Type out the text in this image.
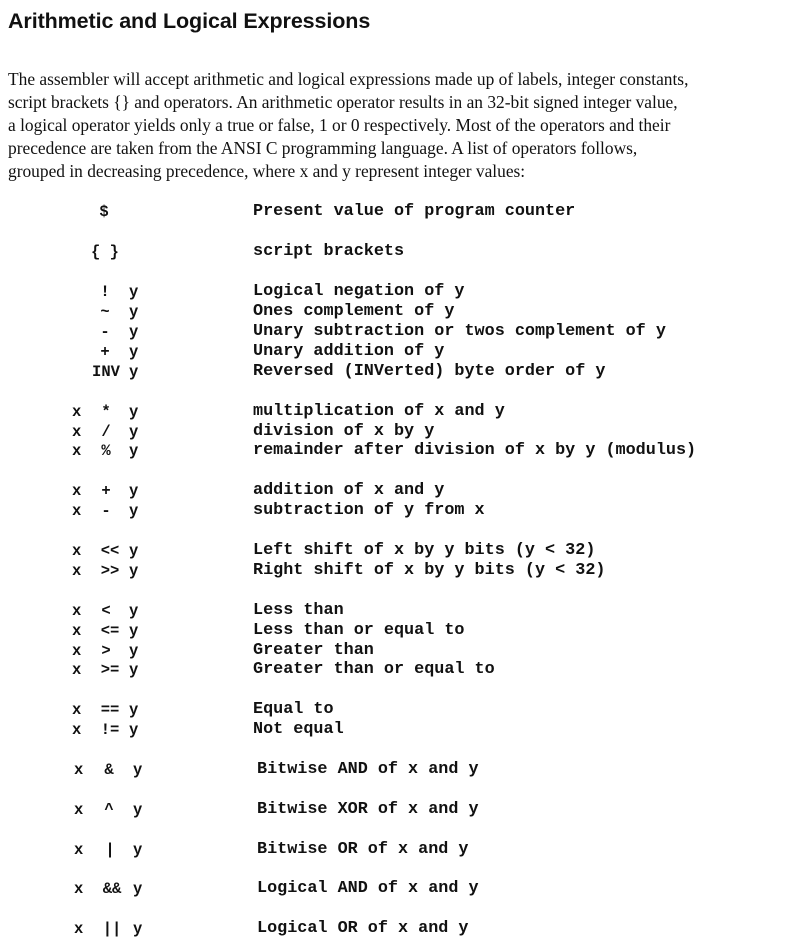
Arithmetic and Logical Expressions

The assembler will accept arithmetic and logical expressions made up of labels, integer constants,
script brackets {} and operators. An arithmetic operator results in an 32-bit signed integer value,
a logical operator yields only a true or false, 1 or 0 respectively. Most of the operators and their
precedence are taken from the ANSI C programming language. A list of operators follows,
grouped in decreasing precedence, where x and y represent integer values:

$	Present value of program counter
{ }	script brackets
! y	Logical negation of y
~ y	Ones complement of y
- y	Unary subtraction or twos complement of y
+ y	Unary addition of y
INV y	Reversed (INVerted) byte order of y
x * y	multiplication of x and y
x / y	division of x by y
x % y	remainder after division of x by y (modulus)
x + y	addition of x and y
x - y	subtraction of y from x
x << y	Left shift of x by y bits (y < 32)
x >> y	Right shift of x by y bits (y < 32)
x < y	Less than
x <= y	Less than or equal to
x > y	Greater than
x >= y	Greater than or equal to
x == y	Equal to
x != y	Not equal
x & y	Bitwise AND of x and y
x ^ y	Bitwise XOR of x and y
x | y	Bitwise OR of x and y
x && y	Logical AND of x and y
x || y	Logical OR of x and y
